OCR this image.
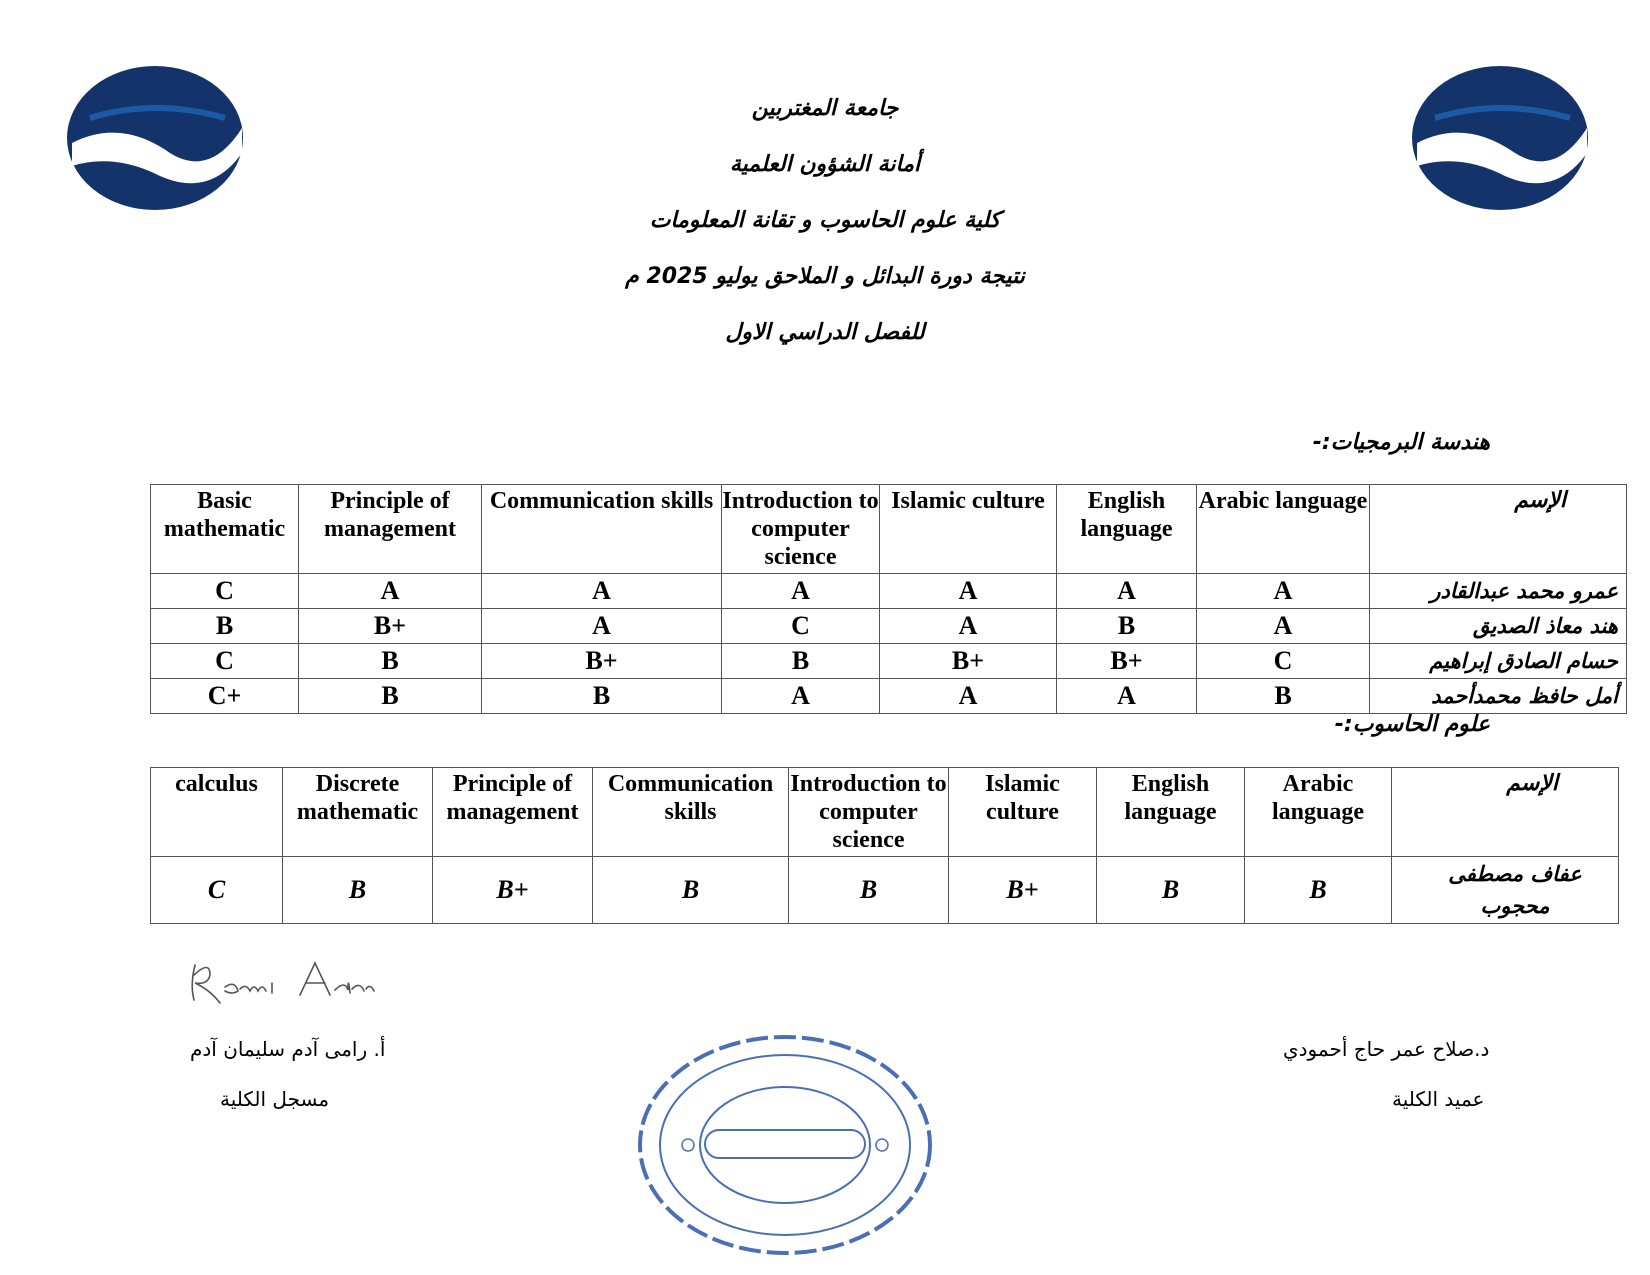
جامعة المغتربين
أمانة الشؤون العلمية
كلية علوم الحاسوب و تقانة المعلومات
نتيجة دورة البدائل و الملاحق يوليو 2025 م
للفصل الدراسي الاول
هندسة البرمجيات:-
Basic mathematic	Principle of management	Communication skills	Introduction to computer science	Islamic culture	English language	Arabic language	الإسم
C	A	A	A	A	A	A	عمرو محمد عبدالقادر
B	B+	A	C	A	B	A	هند معاذ الصديق
C	B	B+	B	B+	B+	C	حسام الصادق إبراهيم
C+	B	B	A	A	A	B	أمل حافظ محمدأحمد
علوم الحاسوب:-
calculus	Discrete mathematic	Principle of management	Communication skills	Introduction to computer science	Islamic culture	English language	Arabic language	الإسم
C	B	B+	B	B	B+	B	B	عفاف مصطفى محجوب
أ. رامى آدم سليمان آدم
مسجل الكلية
د.صلاح عمر حاج أحمودي
عميد الكلية
